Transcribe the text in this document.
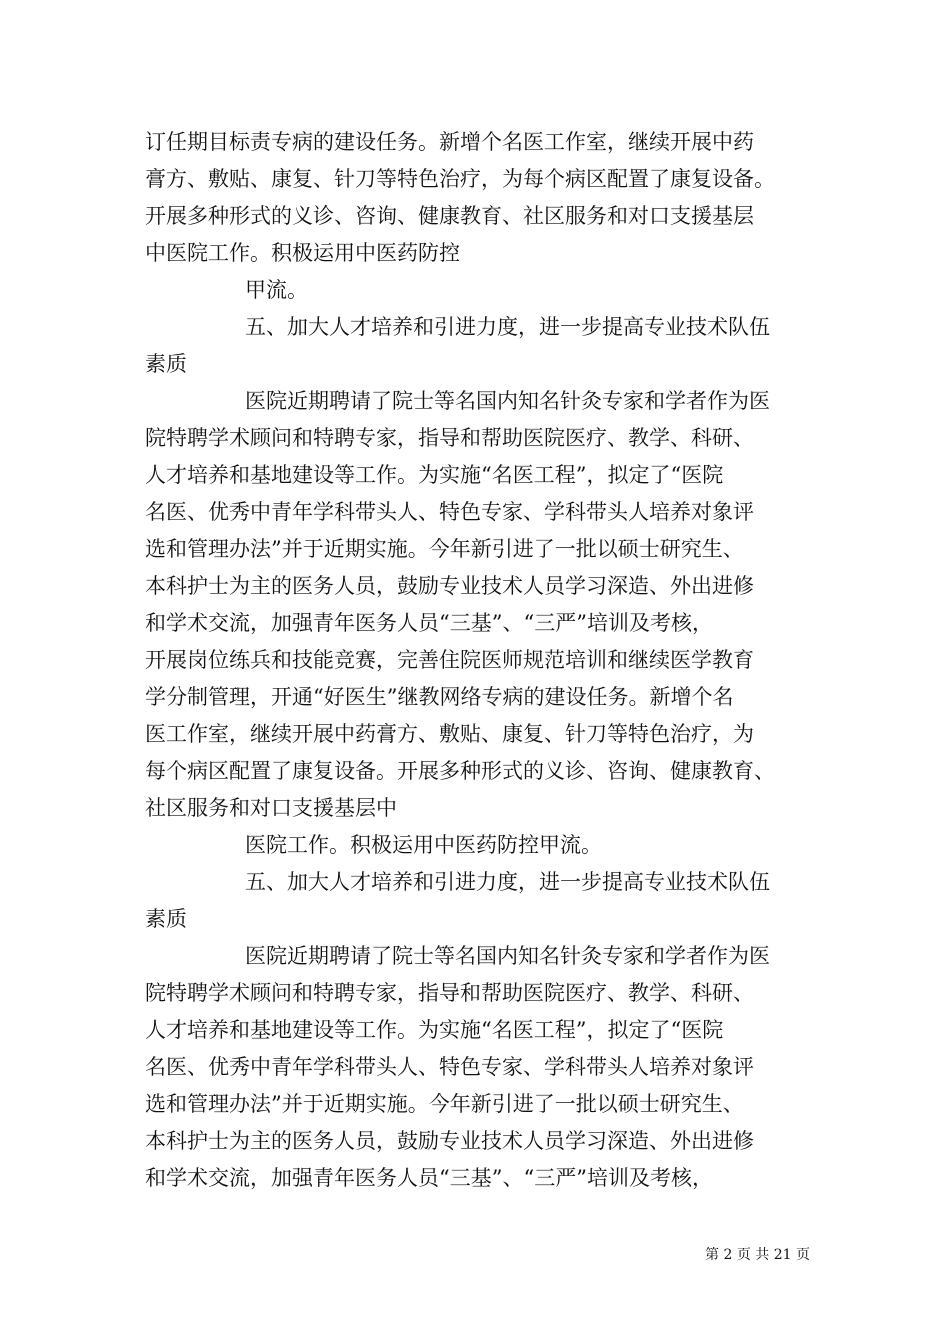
订任期目标责专病的建设任务。新增个名医工作室，继续开展中药
膏方、敷贴、康复、针刀等特色治疗，为每个病区配置了康复设备。
开展多种形式的义诊、咨询、健康教育、社区服务和对口支援基层
中医院工作。积极运用中医药防控
甲流。
五、加大人才培养和引进力度，进一步提高专业技术队伍
素质
医院近期聘请了院士等名国内知名针灸专家和学者作为医
院特聘学术顾问和特聘专家，指导和帮助医院医疗、教学、科研、
人才培养和基地建设等工作。为实施“名医工程”，拟定了“医院
名医、优秀中青年学科带头人、特色专家、学科带头人培养对象评
选和管理办法”并于近期实施。今年新引进了一批以硕士研究生、
本科护士为主的医务人员，鼓励专业技术人员学习深造、外出进修
和学术交流，加强青年医务人员“三基”、“三严”培训及考核，
开展岗位练兵和技能竞赛，完善住院医师规范培训和继续医学教育
学分制管理，开通“好医生”继教网络专病的建设任务。新增个名
医工作室，继续开展中药膏方、敷贴、康复、针刀等特色治疗，为
每个病区配置了康复设备。开展多种形式的义诊、咨询、健康教育、
社区服务和对口支援基层中
医院工作。积极运用中医药防控甲流。
五、加大人才培养和引进力度，进一步提高专业技术队伍
素质
医院近期聘请了院士等名国内知名针灸专家和学者作为医
院特聘学术顾问和特聘专家，指导和帮助医院医疗、教学、科研、
人才培养和基地建设等工作。为实施“名医工程”，拟定了“医院
名医、优秀中青年学科带头人、特色专家、学科带头人培养对象评
选和管理办法”并于近期实施。今年新引进了一批以硕士研究生、
本科护士为主的医务人员，鼓励专业技术人员学习深造、外出进修
和学术交流，加强青年医务人员“三基”、“三严”培训及考核，
第 2 页 共 21 页
